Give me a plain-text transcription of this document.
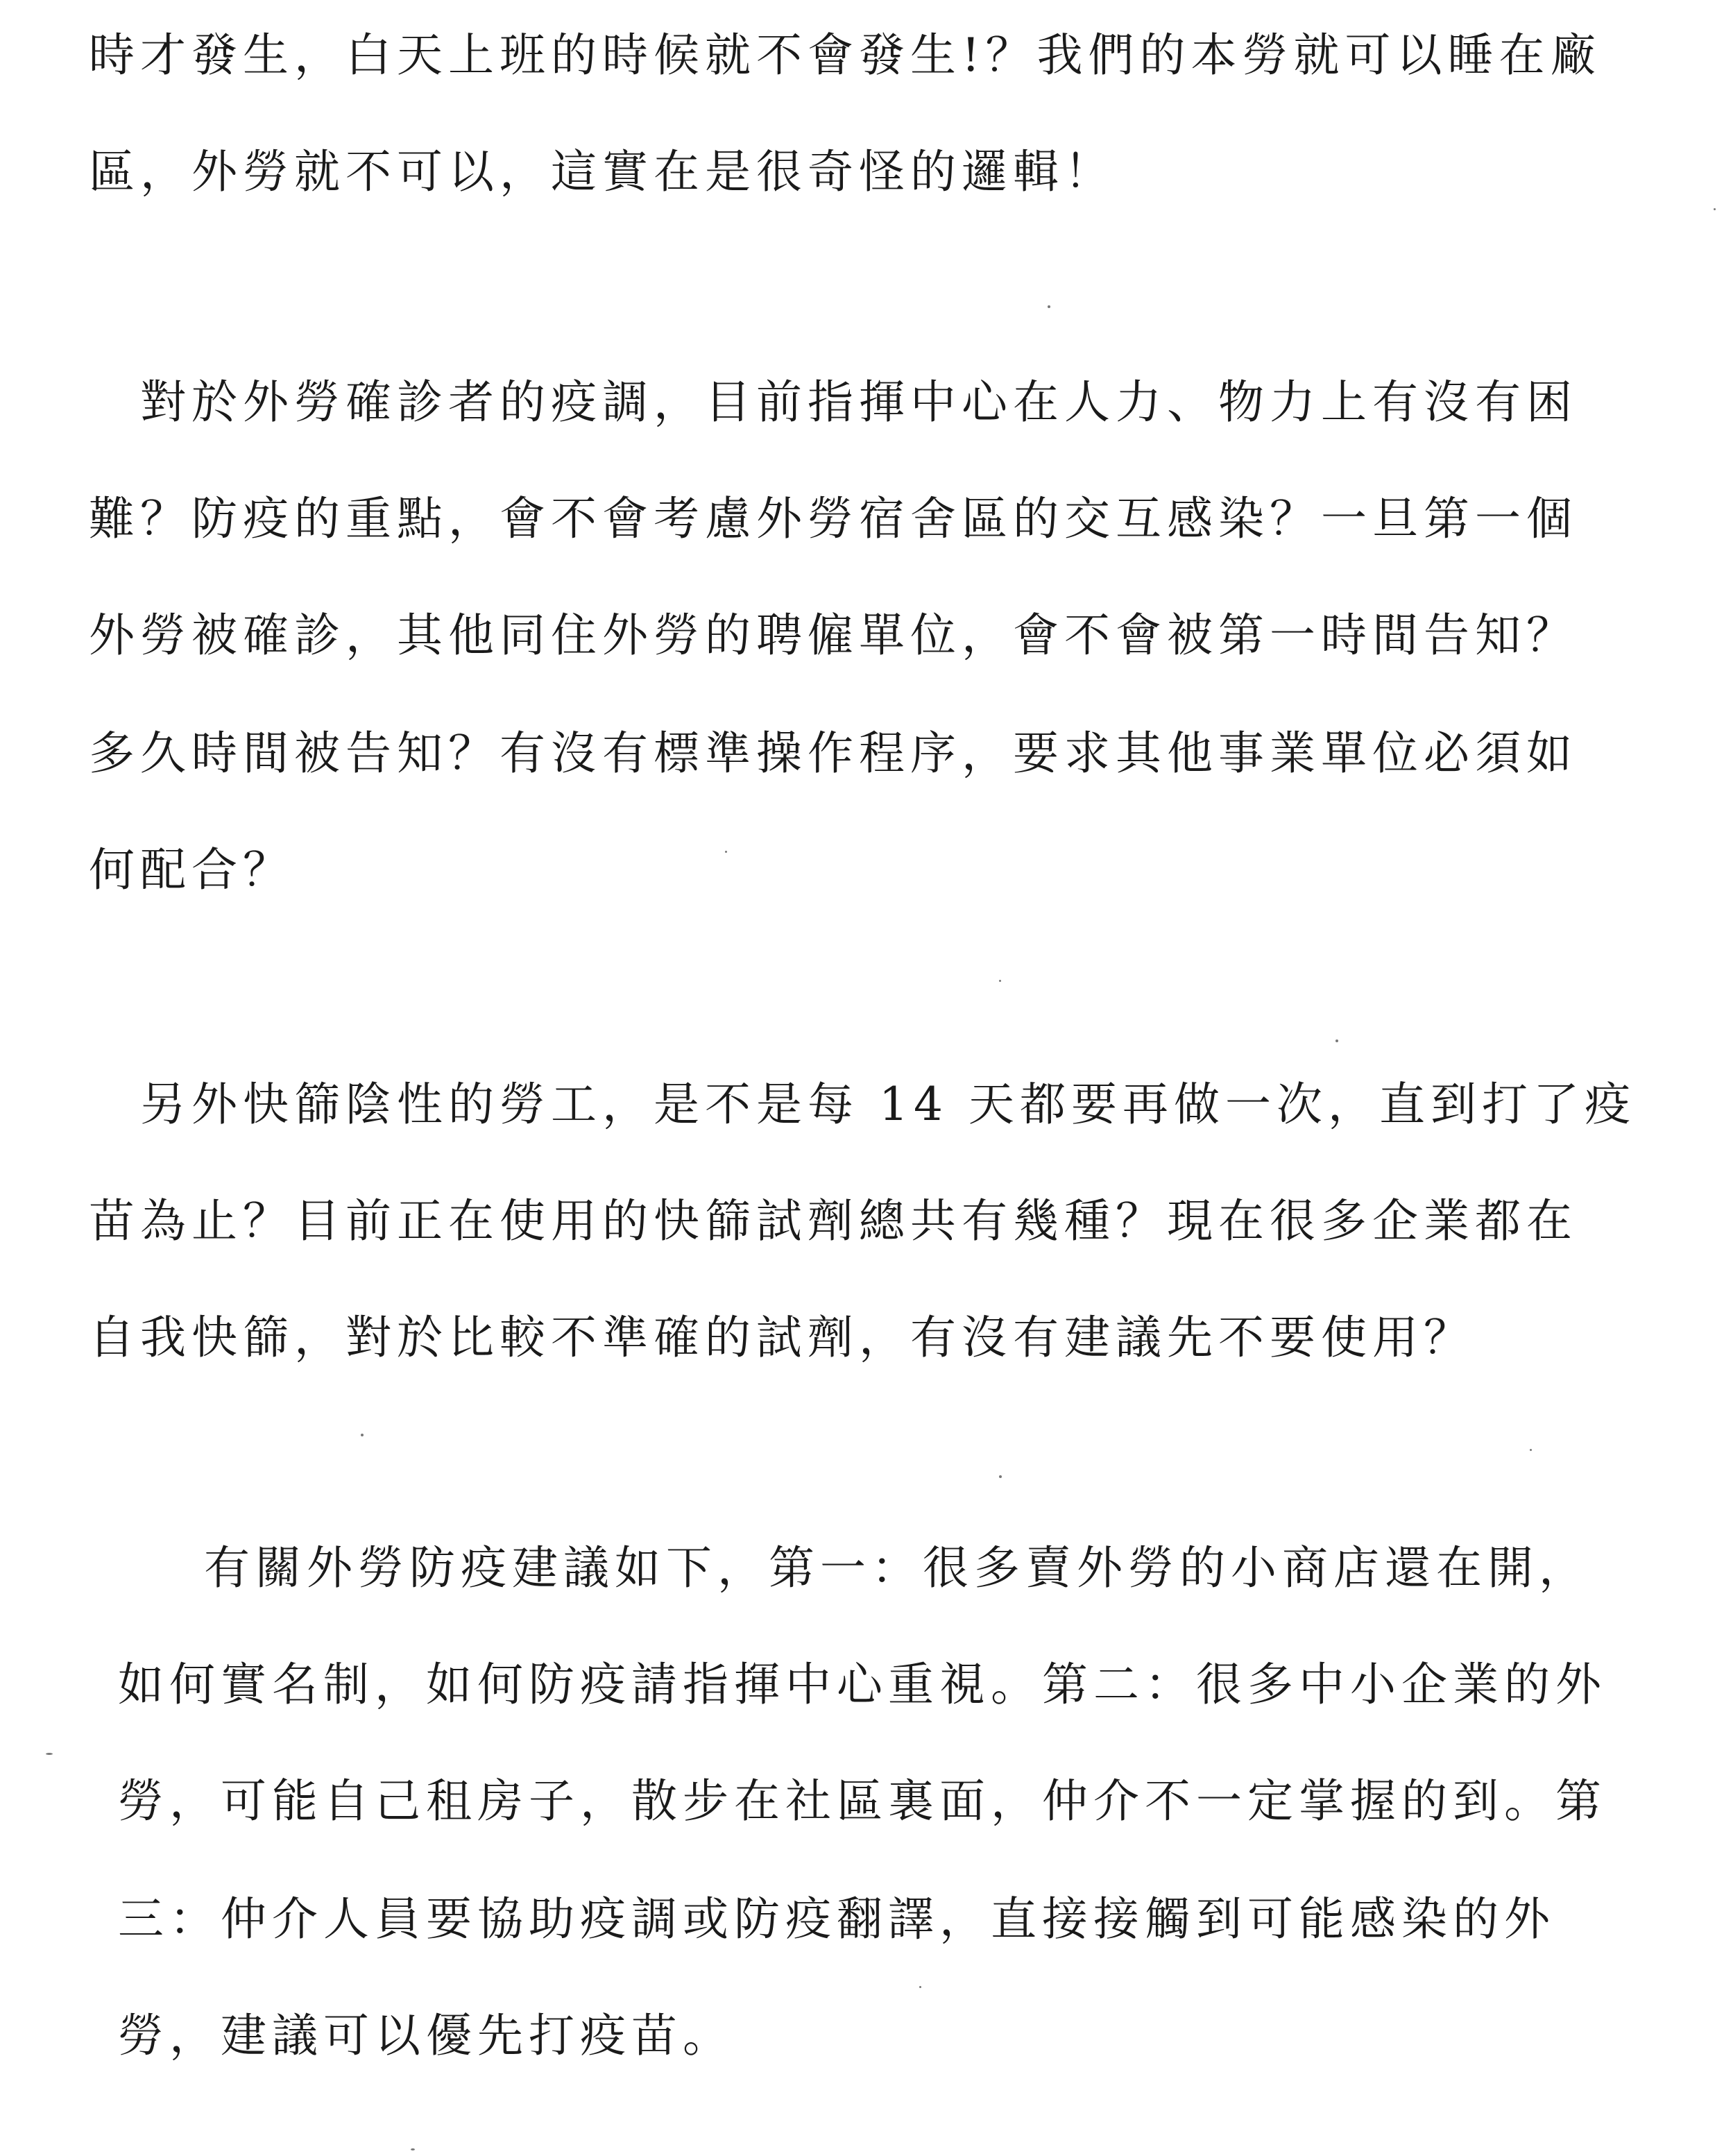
時才發生，白天上班的時候就不會發生!？我們的本勞就可以睡在廠
區，外勞就不可以，這實在是很奇怪的邏輯！
　對於外勞確診者的疫調，目前指揮中心在人力、物力上有沒有困
難？防疫的重點，會不會考慮外勞宿舍區的交互感染？一旦第一個
外勞被確診，其他同住外勞的聘僱單位，會不會被第一時間告知？
多久時間被告知？有沒有標準操作程序，要求其他事業單位必須如
何配合？
　另外快篩陰性的勞工，是不是每 14 天都要再做一次，直到打了疫
苗為止？目前正在使用的快篩試劑總共有幾種？現在很多企業都在
自我快篩，對於比較不準確的試劑，有沒有建議先不要使用？
　有關外勞防疫建議如下，第一：很多賣外勞的小商店還在開，
如何實名制，如何防疫請指揮中心重視。第二：很多中小企業的外
勞，可能自己租房子，散步在社區裏面，仲介不一定掌握的到。第
三：仲介人員要協助疫調或防疫翻譯，直接接觸到可能感染的外
勞，建議可以優先打疫苗。
